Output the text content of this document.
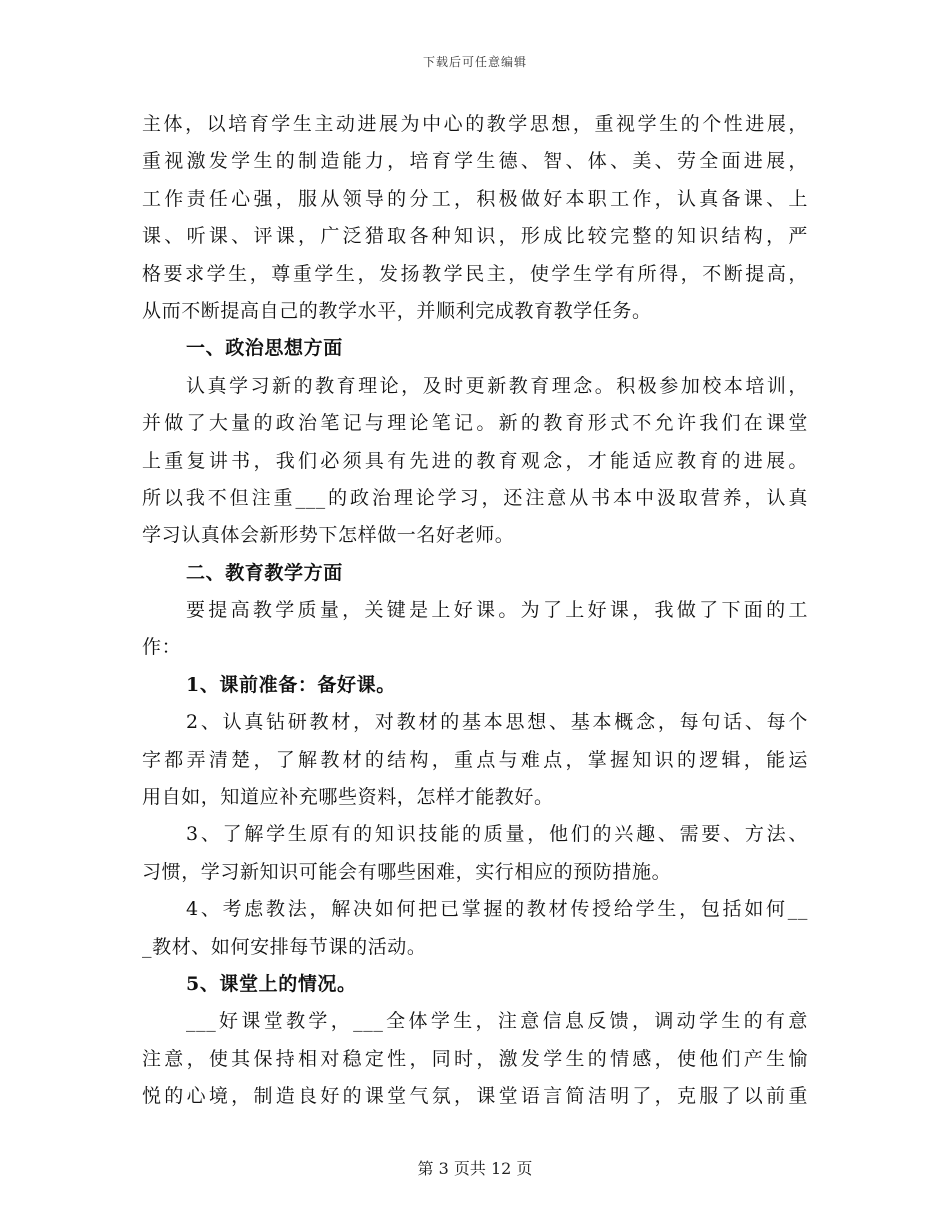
下载后可任意编辑
主体，以培育学生主动进展为中心的教学思想，重视学生的个性进展，
重视激发学生的制造能力，培育学生德、智、体、美、劳全面进展，
工作责任心强，服从领导的分工，积极做好本职工作，认真备课、上
课、听课、评课，广泛猎取各种知识，形成比较完整的知识结构，严
格要求学生，尊重学生，发扬教学民主，使学生学有所得，不断提高，
从而不断提高自己的教学水平，并顺利完成教育教学任务。
一、政治思想方面
认真学习新的教育理论，及时更新教育理念。积极参加校本培训，
并做了大量的政治笔记与理论笔记。新的教育形式不允许我们在课堂
上重复讲书，我们必须具有先进的教育观念，才能适应教育的进展。
所以我不但注重___的政治理论学习，还注意从书本中汲取营养，认真
学习认真体会新形势下怎样做一名好老师。
二、教育教学方面
要提高教学质量，关键是上好课。为了上好课，我做了下面的工
作：
1、课前准备：备好课。
2、认真钻研教材，对教材的基本思想、基本概念，每句话、每个
字都弄清楚，了解教材的结构，重点与难点，掌握知识的逻辑，能运
用自如，知道应补充哪些资料，怎样才能教好。
3、了解学生原有的知识技能的质量，他们的兴趣、需要、方法、
习惯，学习新知识可能会有哪些困难，实行相应的预防措施。
4、考虑教法，解决如何把已掌握的教材传授给学生，包括如何__
_教材、如何安排每节课的活动。
5、课堂上的情况。
___好课堂教学，___全体学生，注意信息反馈，调动学生的有意
注意，使其保持相对稳定性，同时，激发学生的情感，使他们产生愉
悦的心境，制造良好的课堂气氛，课堂语言简洁明了，克服了以前重
第 3 页共 12 页
